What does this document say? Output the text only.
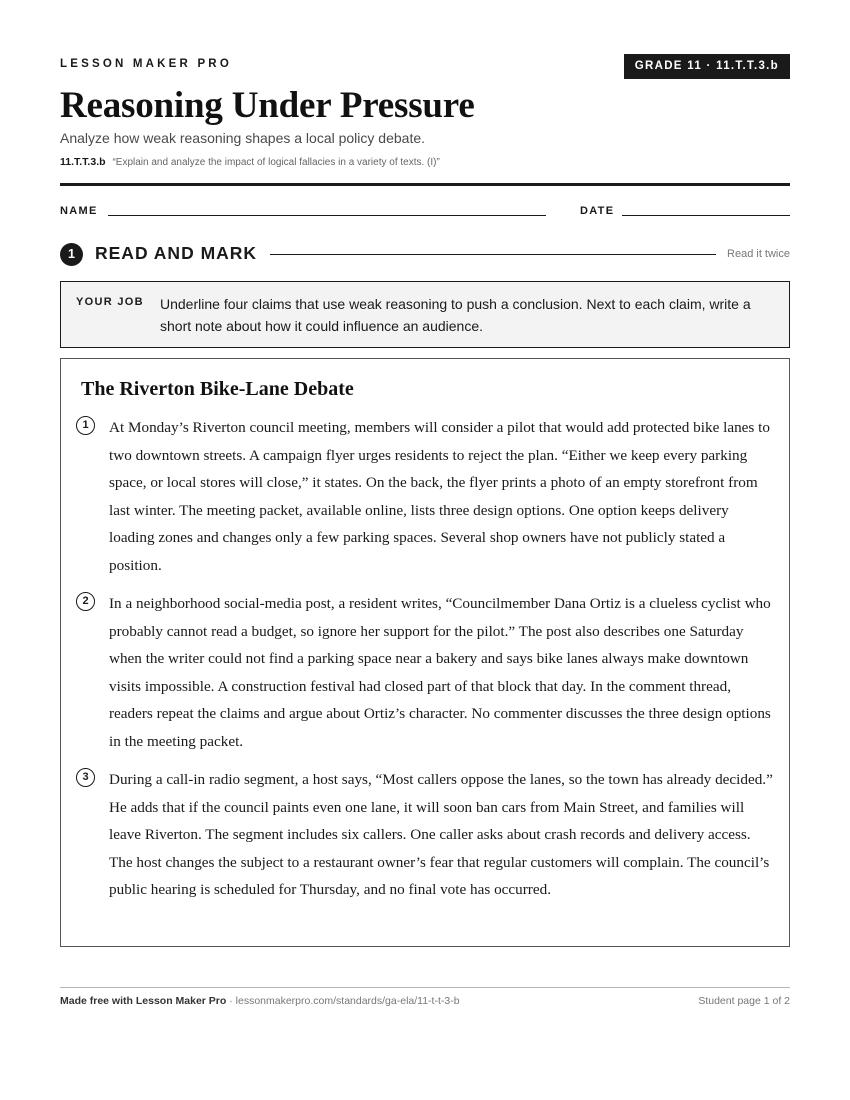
LESSON MAKER PRO	GRADE 11 · 11.T.T.3.b
Reasoning Under Pressure
Analyze how weak reasoning shapes a local policy debate.
11.T.T.3.b “Explain and analyze the impact of logical fallacies in a variety of texts. (I)”
NAME	DATE
1	READ AND MARK	Read it twice
YOUR JOB Underline four claims that use weak reasoning to push a conclusion. Next to each claim, write a short note about how it could influence an audience.
The Riverton Bike-Lane Debate
1	At Monday’s Riverton council meeting, members will consider a pilot that would add protected bike lanes to two downtown streets. A campaign flyer urges residents to reject the plan. “Either we keep every parking space, or local stores will close,” it states. On the back, the flyer prints a photo of an empty storefront from last winter. The meeting packet, available online, lists three design options. One option keeps delivery loading zones and changes only a few parking spaces. Several shop owners have not publicly stated a position.

2	In a neighborhood social-media post, a resident writes, “Councilmember Dana Ortiz is a clueless cyclist who probably cannot read a budget, so ignore her support for the pilot.” The post also describes one Saturday when the writer could not find a parking space near a bakery and says bike lanes always make downtown visits impossible. A construction festival had closed part of that block that day. In the comment thread, readers repeat the claims and argue about Ortiz’s character. No commenter discusses the three design options in the meeting packet.

3	During a call-in radio segment, a host says, “Most callers oppose the lanes, so the town has already decided.” He adds that if the council paints even one lane, it will soon ban cars from Main Street, and families will leave Riverton. The segment includes six callers. One caller asks about crash records and delivery access. The host changes the subject to a restaurant owner’s fear that regular customers will complain. The council’s public hearing is scheduled for Thursday, and no final vote has occurred.

Made free with Lesson Maker Pro · lessonmakerpro.com/standards/ga-ela/11-t-t-3-b	Student page 1 of 2
